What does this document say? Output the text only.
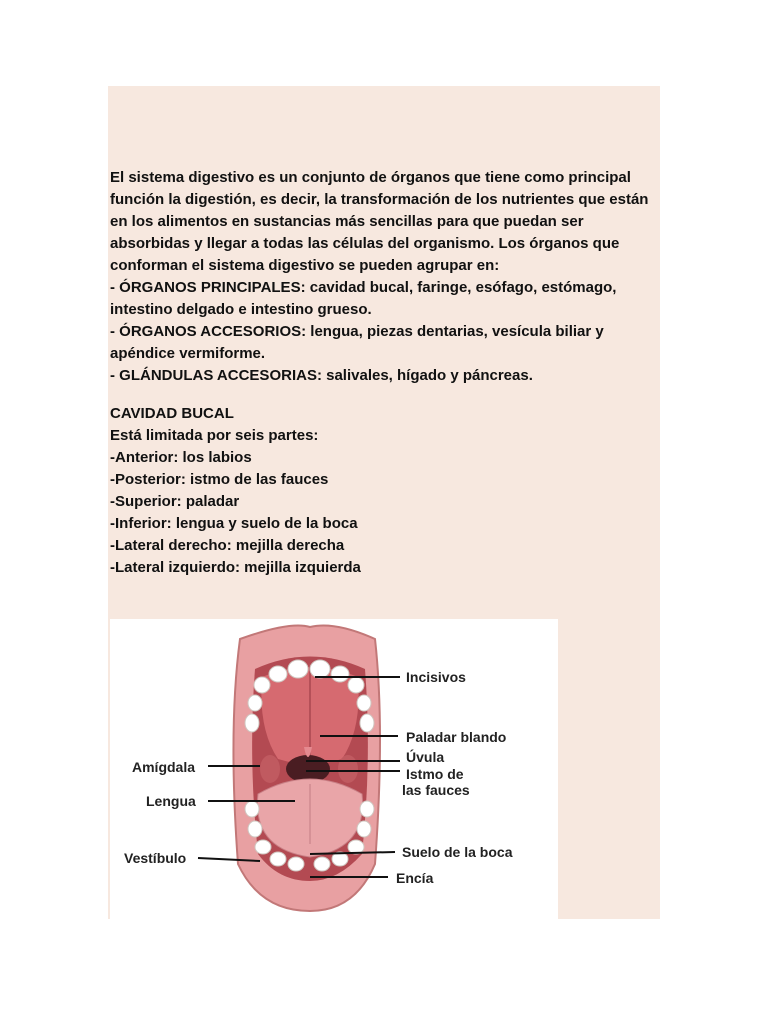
El sistema digestivo es un conjunto de órganos que tiene como principal función la digestión, es decir, la transformación de los nutrientes que están en los alimentos en sustancias más sencillas para que puedan ser absorbidas y llegar a todas las células del organismo. Los órganos que conforman el sistema digestivo se pueden agrupar en:

- ÓRGANOS PRINCIPALES: cavidad bucal, faringe, esófago, estómago, intestino delgado e intestino grueso.

- ÓRGANOS ACCESORIOS: lengua, piezas dentarias, vesícula biliar y apéndice vermiforme.

- GLÁNDULAS ACCESORIAS: salivales, hígado y páncreas.

CAVIDAD BUCAL

Está limitada por seis partes:

-Anterior: los labios

-Posterior: istmo de las fauces

-Superior: paladar

-Inferior: lengua y suelo de la boca

-Lateral derecho: mejilla derecha

-Lateral izquierdo: mejilla izquierda

Incisivos
Paladar blando
Úvula
Istmo de
las fauces
Amígdala
Lengua
Vestíbulo	Suelo de la boca
Encía
